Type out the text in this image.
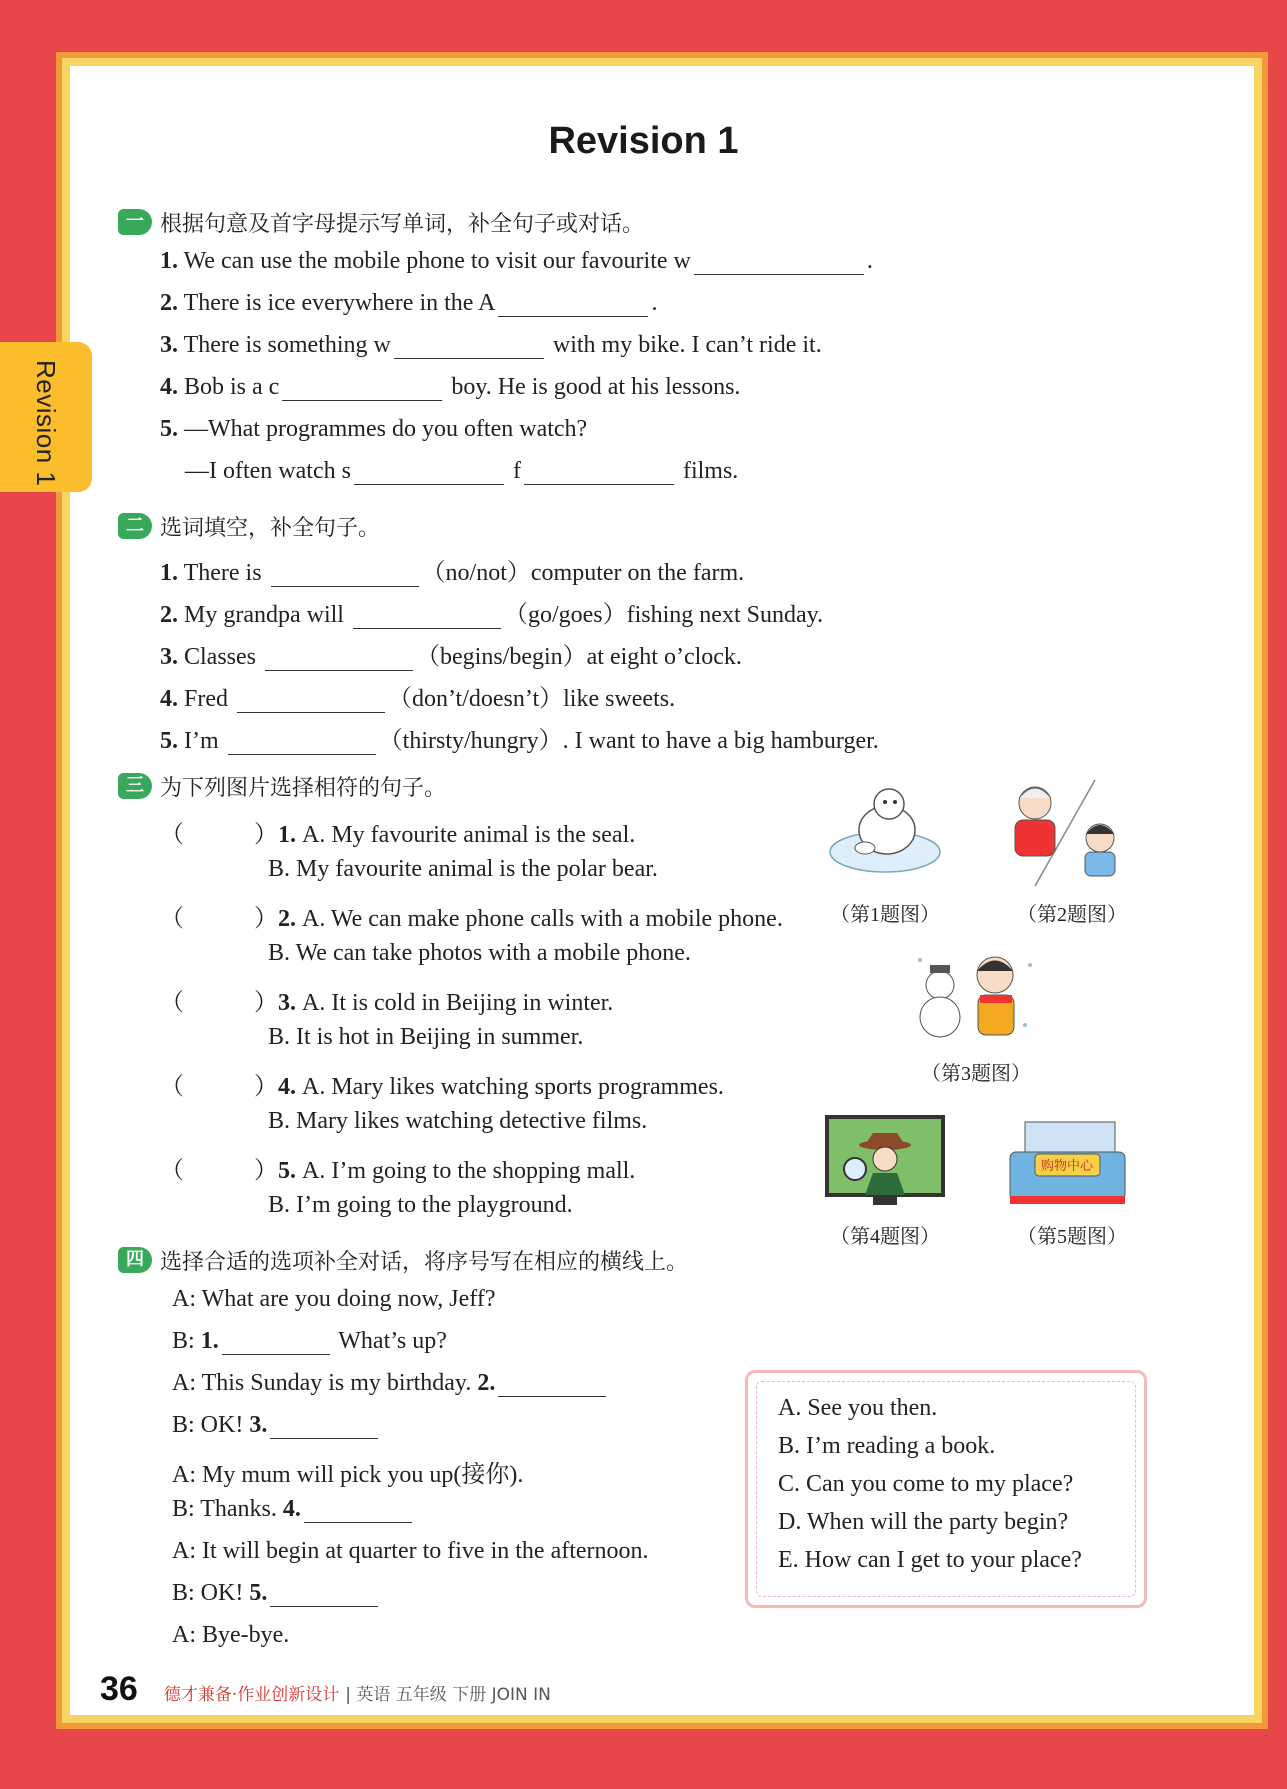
Revision 1
Revision 1
一 根据句意及首字母提示写单词，补全句子或对话。
1. We can use the mobile phone to visit our favourite w	.
2. There is ice everywhere in the A	.
3. There is something w	with my bike. I can’t ride it.
4. Bob is a c	boy. He is good at his lessons.
5. —What programmes do you often watch?
—I often watch s	f	films.
二 选词填空，补全句子。
1. There is	（no/not）computer on the farm.
2. My grandpa will	（go/goes）fishing next Sunday.
3. Classes	（begins/begin）at eight o’clock.
4. Fred	（don’t/doesn’t）like sweets.
5. I’m	（thirsty/hungry）. I want to have a big hamburger.
三 为下列图片选择相符的句子。
（	）1. A. My favourite animal is the seal.
B. My favourite animal is the polar bear.
（	）2. A. We can make phone calls with a mobile phone.
B. We can take photos with a mobile phone.
（	）3. A. It is cold in Beijing in winter.
B. It is hot in Beijing in summer.
（	）4. A. Mary likes watching sports programmes.
B. Mary likes watching detective films.
（	）5. A. I’m going to the shopping mall.
B. I’m going to the playground.
（第1题图）	（第2题图）
（第3题图）
（第4题图）
购物中心
（第5题图）
四 选择合适的选项补全对话，将序号写在相应的横线上。
A: What are you doing now, Jeff?
B: 1.	What’s up?
A: This Sunday is my birthday. 2.
B: OK! 3.
A: My mum will pick you up(接你).
B: Thanks. 4.
A: It will begin at quarter to five in the afternoon.
B: OK! 5.
A: Bye-bye.
A. See you then.
B. I’m reading a book.
C. Can you come to my place?
D. When will the party begin?
E. How can I get to your place?
36 德才兼备·作业创新设计 | 英语 五年级 下册 JOIN IN
